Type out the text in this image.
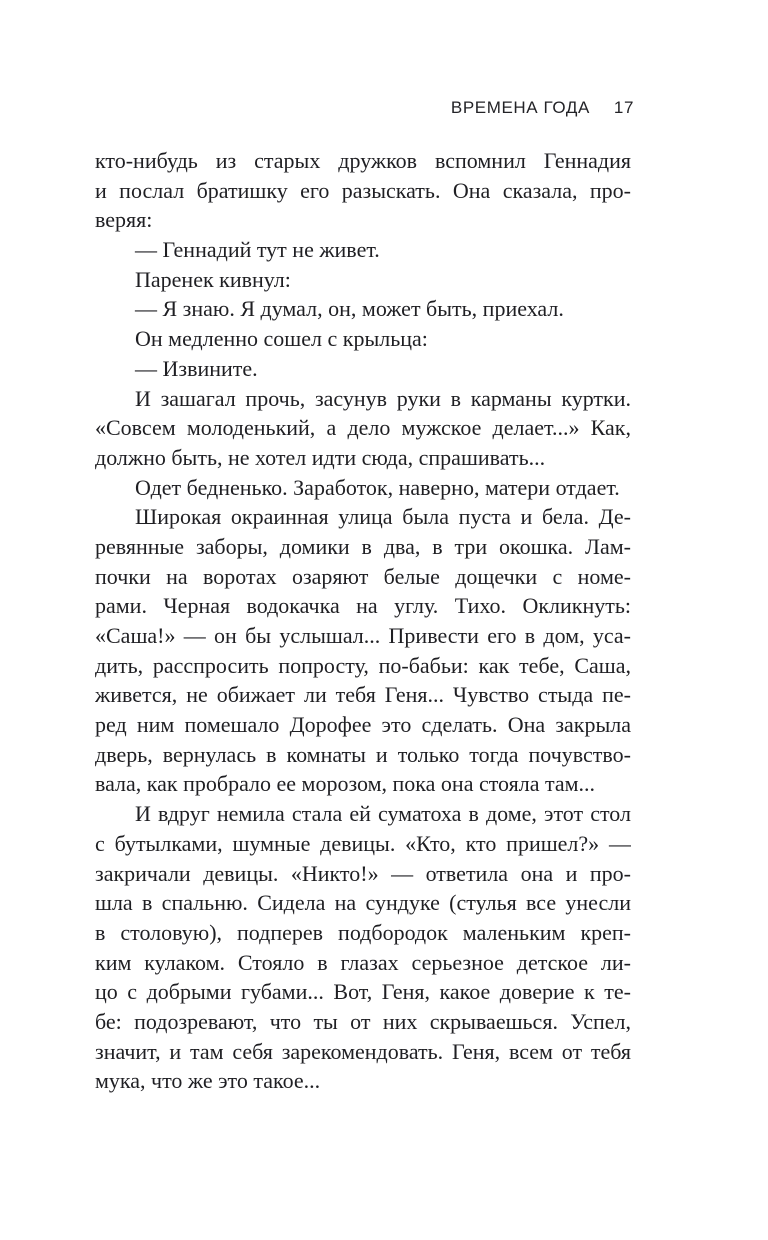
ВРЕМЕНА ГОДА 17
кто-нибудь из старых дружков вспомнил Геннадия
и послал братишку его разыскать. Она сказала, про-
веряя:
— Геннадий тут не живет.
Паренек кивнул:
— Я знаю. Я думал, он, может быть, приехал.
Он медленно сошел с крыльца:
— Извините.
И зашагал прочь, засунув руки в карманы куртки.
«Совсем молоденький, а дело мужское делает...» Как,
должно быть, не хотел идти сюда, спрашивать...
Одет бедненько. Заработок, наверно, матери отдает.
Широкая окраинная улица была пуста и бела. Де-
ревянные заборы, домики в два, в три окошка. Лам-
почки на воротах озаряют белые дощечки с номе-
рами. Черная водокачка на углу. Тихо. Окликнуть:
«Саша!» — он бы услышал... Привести его в дом, уса-
дить, расспросить попросту, по-бабьи: как тебе, Саша,
живется, не обижает ли тебя Геня... Чувство стыда пе-
ред ним помешало Дорофее это сделать. Она закрыла
дверь, вернулась в комнаты и только тогда почувство-
вала, как пробрало ее морозом, пока она стояла там...
И вдруг немила стала ей суматоха в доме, этот стол
с бутылками, шумные девицы. «Кто, кто пришел?» —
закричали девицы. «Никто!» — ответила она и про-
шла в спальню. Сидела на сундуке (стулья все унесли
в столовую), подперев подбородок маленьким креп-
ким кулаком. Стояло в глазах серьезное детское ли-
цо с добрыми губами... Вот, Геня, какое доверие к те-
бе: подозревают, что ты от них скрываешься. Успел,
значит, и там себя зарекомендовать. Геня, всем от тебя
мука, что же это такое...
